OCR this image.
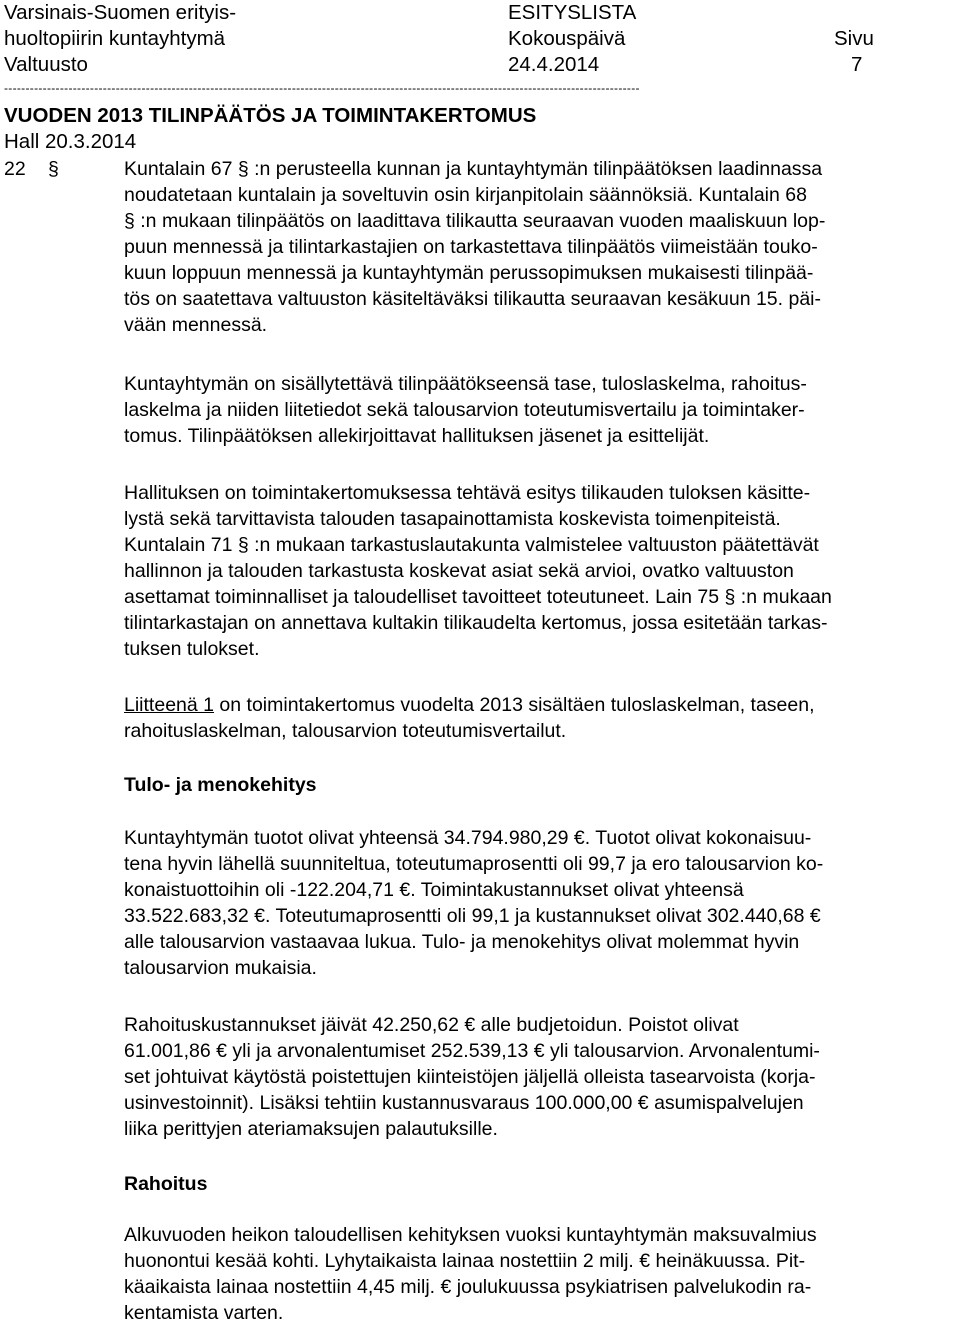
Varsinais-Suomen erityis-
huoltopiirin kuntayhtymä
Valtuusto
ESITYSLISTA
Kokouspäivä
24.4.2014
Sivu
7
----------------------------------------------------------------------------------------------------------------------------------------------------
VUODEN 2013 TILINPÄÄTÖS JA TOIMINTAKERTOMUS
Hall 20.3.2014
22 §	Kuntalain 67 § :n perusteella kunnan ja kuntayhtymän tilinpäätöksen laadinnassa
noudatetaan kuntalain ja soveltuvin osin kirjanpitolain säännöksiä. Kuntalain 68
§ :n mukaan tilinpäätös on laadittava tilikautta seuraavan vuoden maaliskuun lop-
puun mennessä ja tilintarkastajien on tarkastettava tilinpäätös viimeistään touko-
kuun loppuun mennessä ja kuntayhtymän perussopimuksen mukaisesti tilinpää-
tös on saatettava valtuuston käsiteltäväksi tilikautta seuraavan kesäkuun 15. päi-
vään mennessä.
Kuntayhtymän on sisällytettävä tilinpäätökseensä tase, tuloslaskelma, rahoitus-
laskelma ja niiden liitetiedot sekä talousarvion toteutumisvertailu ja toimintaker-
tomus. Tilinpäätöksen allekirjoittavat hallituksen jäsenet ja esittelijät.
Hallituksen on toimintakertomuksessa tehtävä esitys tilikauden tuloksen käsitte-
lystä sekä tarvittavista talouden tasapainottamista koskevista toimenpiteistä.
Kuntalain 71 § :n mukaan tarkastuslautakunta valmistelee valtuuston päätettävät
hallinnon ja talouden tarkastusta koskevat asiat sekä arvioi, ovatko valtuuston
asettamat toiminnalliset ja taloudelliset tavoitteet toteutuneet. Lain 75 § :n mukaan
tilintarkastajan on annettava kultakin tilikaudelta kertomus, jossa esitetään tarkas-
tuksen tulokset.
Liitteenä 1 on toimintakertomus vuodelta 2013 sisältäen tuloslaskelman, taseen,
rahoituslaskelman, talousarvion toteutumisvertailut.
Tulo- ja menokehitys
Kuntayhtymän tuotot olivat yhteensä 34.794.980,29 €. Tuotot olivat kokonaisuu-
tena hyvin lähellä suunniteltua, toteutumaprosentti oli 99,7 ja ero talousarvion ko-
konaistuottoihin oli -122.204,71 €. Toimintakustannukset olivat yhteensä
33.522.683,32 €. Toteutumaprosentti oli 99,1 ja kustannukset olivat 302.440,68 €
alle talousarvion vastaavaa lukua. Tulo- ja menokehitys olivat molemmat hyvin
talousarvion mukaisia.
Rahoituskustannukset jäivät 42.250,62 € alle budjetoidun. Poistot olivat
61.001,86 € yli ja arvonalentumiset 252.539,13 € yli talousarvion. Arvonalentumi-
set johtuivat käytöstä poistettujen kiinteistöjen jäljellä olleista tasearvoista (korja-
usinvestoinnit). Lisäksi tehtiin kustannusvaraus 100.000,00 € asumispalvelujen
liika perittyjen ateriamaksujen palautuksille.
Rahoitus
Alkuvuoden heikon taloudellisen kehityksen vuoksi kuntayhtymän maksuvalmius
huonontui kesää kohti. Lyhytaikaista lainaa nostettiin 2 milj. € heinäkuussa. Pit-
käaikaista lainaa nostettiin 4,45 milj. € joulukuussa psykiatrisen palvelukodin ra-
kentamista varten.
